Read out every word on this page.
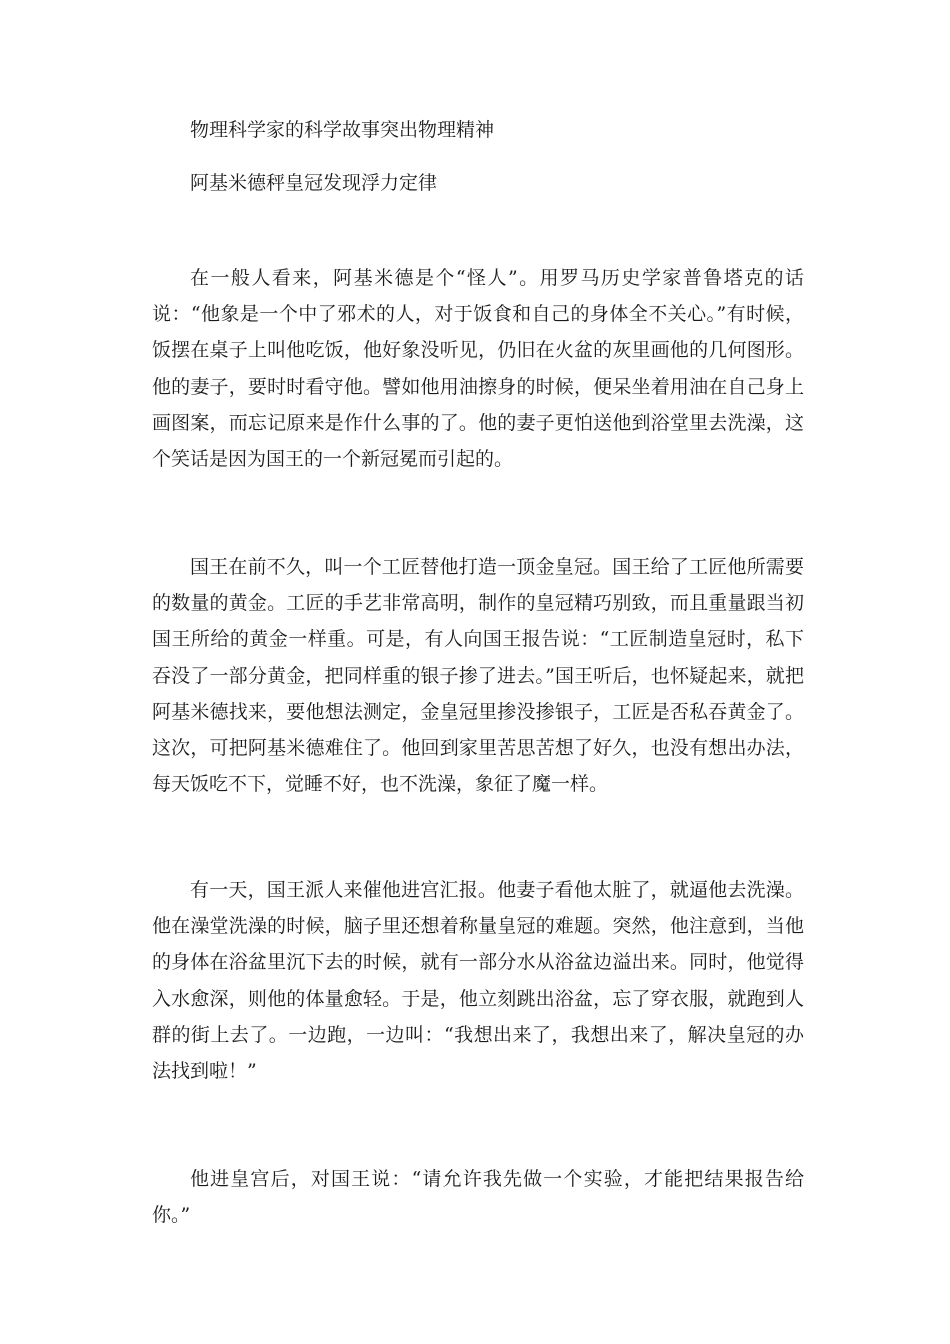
物理科学家的科学故事突出物理精神
阿基米德秤皇冠发现浮力定律

在一般人看来，阿基米德是个“怪人”。用罗马历史学家普鲁塔克的话说：“他象是一个中了邪术的人，对于饭食和自己的身体全不关心。”有时候，饭摆在桌子上叫他吃饭，他好象没听见，仍旧在火盆的灰里画他的几何图形。他的妻子，要时时看守他。譬如他用油擦身的时候，便呆坐着用油在自己身上画图案，而忘记原来是作什么事的了。他的妻子更怕送他到浴堂里去洗澡，这个笑话是因为国王的一个新冠冕而引起的。

国王在前不久，叫一个工匠替他打造一顶金皇冠。国王给了工匠他所需要的数量的黄金。工匠的手艺非常高明，制作的皇冠精巧别致，而且重量跟当初国王所给的黄金一样重。可是，有人向国王报告说：“工匠制造皇冠时，私下吞没了一部分黄金，把同样重的银子掺了进去。”国王听后，也怀疑起来，就把阿基米德找来，要他想法测定，金皇冠里掺没掺银子，工匠是否私吞黄金了。这次，可把阿基米德难住了。他回到家里苦思苦想了好久，也没有想出办法，每天饭吃不下，觉睡不好，也不洗澡，象征了魔一样。

有一天，国王派人来催他进宫汇报。他妻子看他太脏了，就逼他去洗澡。他在澡堂洗澡的时候，脑子里还想着称量皇冠的难题。突然，他注意到，当他的身体在浴盆里沉下去的时候，就有一部分水从浴盆边溢出来。同时，他觉得入水愈深，则他的体量愈轻。于是，他立刻跳出浴盆，忘了穿衣服，就跑到人群的街上去了。一边跑，一边叫：“我想出来了，我想出来了，解决皇冠的办法找到啦！”

他进皇宫后，对国王说：“请允许我先做一个实验，才能把结果报告给你。”
